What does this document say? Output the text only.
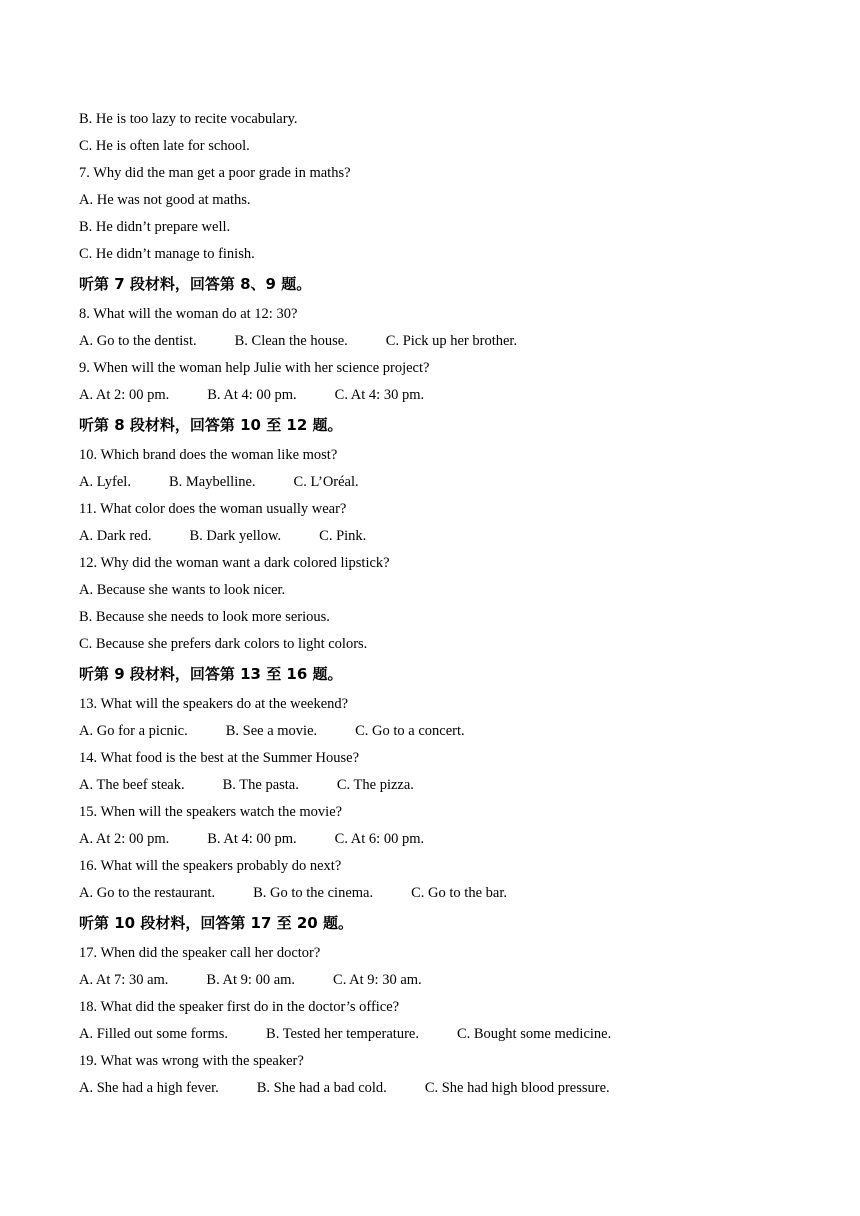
B. He is too lazy to recite vocabulary.
C. He is often late for school.
7. Why did the man get a poor grade in maths?
A. He was not good at maths.
B. He didn’t prepare well.
C. He didn’t manage to finish.
听第 7 段材料，回答第 8、9 题。
8. What will the woman do at 12: 30?
A. Go to the dentist.	B. Clean the house.	C. Pick up her brother.
9. When will the woman help Julie with her science project?
A. At 2: 00 pm.	B. At 4: 00 pm.	C. At 4: 30 pm.
听第 8 段材料，回答第 10 至 12 题。
10. Which brand does the woman like most?
A. Lyfel.	B. Maybelline.	C. L’Oréal.
11. What color does the woman usually wear?
A. Dark red.	B. Dark yellow.	C. Pink.
12. Why did the woman want a dark colored lipstick?
A. Because she wants to look nicer.
B. Because she needs to look more serious.
C. Because she prefers dark colors to light colors.
听第 9 段材料，回答第 13 至 16 题。
13. What will the speakers do at the weekend?
A. Go for a picnic.	B. See a movie.	C. Go to a concert.
14. What food is the best at the Summer House?
A. The beef steak.	B. The pasta.	C. The pizza.
15. When will the speakers watch the movie?
A. At 2: 00 pm.	B. At 4: 00 pm.	C. At 6: 00 pm.
16. What will the speakers probably do next?
A. Go to the restaurant.	B. Go to the cinema.	C. Go to the bar.
听第 10 段材料，回答第 17 至 20 题。
17. When did the speaker call her doctor?
A. At 7: 30 am.	B. At 9: 00 am.	C. At 9: 30 am.
18. What did the speaker first do in the doctor’s office?
A. Filled out some forms.	B. Tested her temperature.	C. Bought some medicine.
19. What was wrong with the speaker?
A. She had a high fever.	B. She had a bad cold.	C. She had high blood pressure.
